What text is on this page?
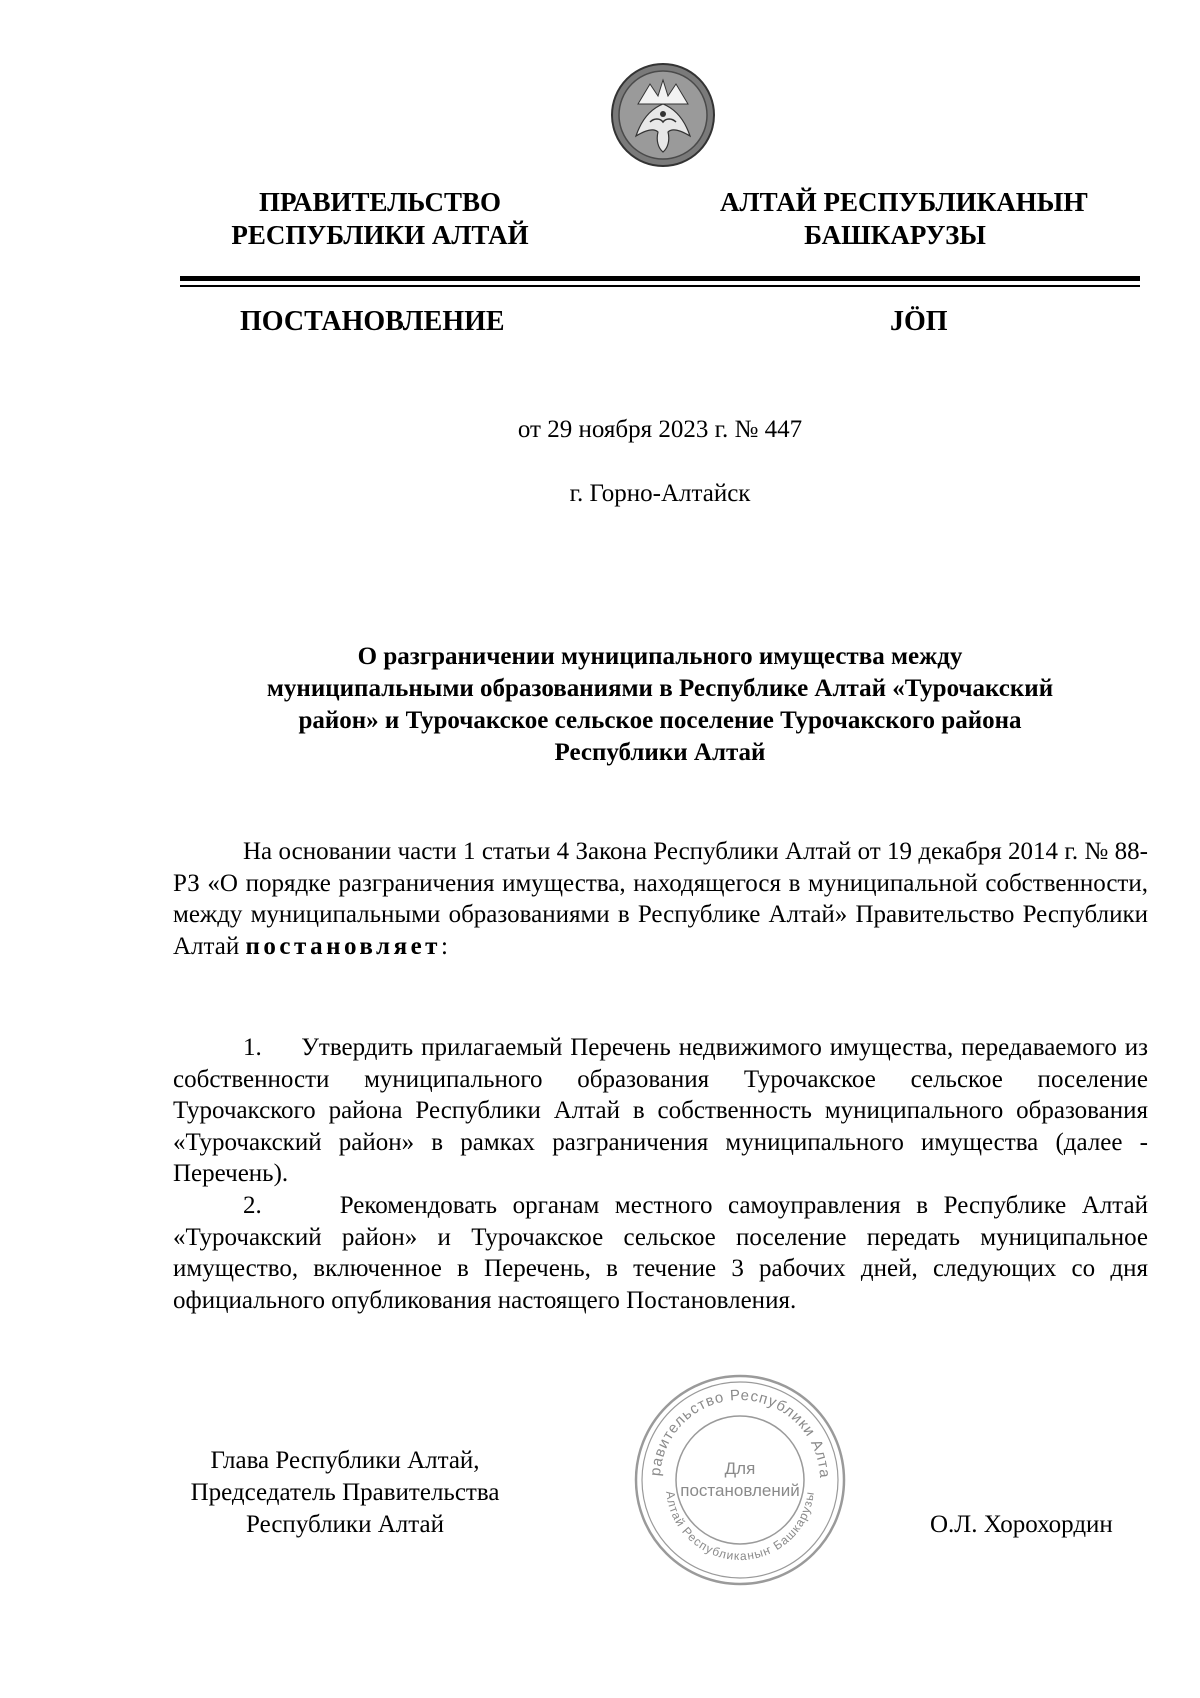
ПРАВИТЕЛЬСТВО
РЕСПУБЛИКИ АЛТАЙ
АЛТАЙ РЕСПУБЛИКАНЫҤ
БАШКАРУЗЫ
ПОСТАНОВЛЕНИЕ	JӦП
от 29 ноября 2023 г. № 447
г. Горно-Алтайск
О разграничении муниципального имущества между
муниципальными образованиями в Республике Алтай «Турочакский
район» и Турочакское сельское поселение Турочакского района
Республики Алтай
На основании части 1 статьи 4 Закона Республики Алтай от 19 декабря 2014 г. № 88-РЗ «О порядке разграничения имущества, находящегося в муниципальной собственности, между муниципальными образованиями в Республике Алтай» Правительство Республики Алтай постановляет:
1. Утвердить прилагаемый Перечень недвижимого имущества, передаваемого из собственности муниципального образования Турочакское сельское поселение Турочакского района Республики Алтай в собственность муниципального образования «Турочакский район» в рамках разграничения муниципального имущества (далее - Перечень).
2.	Рекомендовать органам местного самоуправления в Республике Алтай «Турочакский район» и Турочакское сельское поселение передать муниципальное имущество, включенное в Перечень, в течение 3 рабочих дней, следующих со дня официального опубликования настоящего Постановления.
Глава Республики Алтай,
Председатель Правительства
Республики Алтай
равительство Республики Алта
Алтай Республиканыҥ Башкарузы
Для
постановлений
О.Л. Хорохордин
